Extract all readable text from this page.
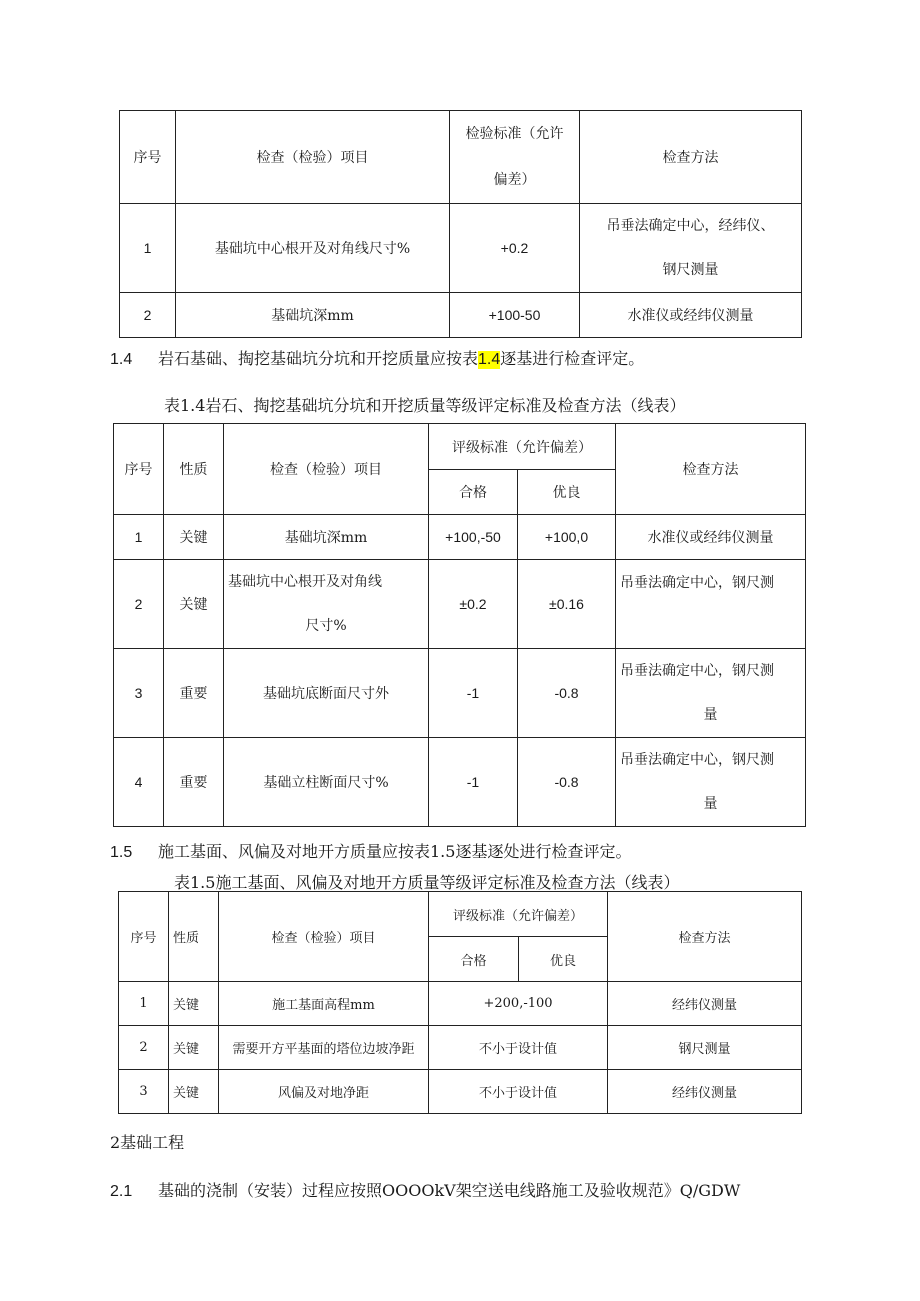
序号	检查（检验）项目	检验标准（允许
偏差）	检查方法
1	基础坑中心根开及对角线尺寸%	+0.2	吊垂法确定中心，经纬仪、
钢尺测量

2	基础坑深mm	+100-50	水准仪或经纬仪测量
1.4 岩石基础、掏挖基础坑分坑和开挖质量应按表1.4逐基进行检查评定。
表1.4岩石、掏挖基础坑分坑和开挖质量等级评定标准及检查方法（线表）
序号	性质	检查（检验）项目	评级标准（允许偏差）		检查方法
			合格	优良	
1	关键	基础坑深mm	+100,-50	+100,0	水准仪或经纬仪测量
2	关键	基础坑中心根开及对角线
尺寸%	±0.2	±0.16	吊垂法确定中心，钢尺测

3	重要	基础坑底断面尺寸外	-1	-0.8	吊垂法确定中心，钢尺测
量

4	重要	基础立柱断面尺寸%	-1	-0.8	吊垂法确定中心，钢尺测
量
1.5 施工基面、风偏及对地开方质量应按表1.5逐基逐处进行检查评定。
表1.5施工基面、风偏及对地开方质量等级评定标准及检查方法（线表）
序号	性质	检查（检验）项目	评级标准（允许偏差）		检查方法
			合格	优良	
1	关键	施工基面高程mm	+200,-100		经纬仪测量
2	关键	需要开方平基面的塔位边坡净距	不小于设计值		钢尺测量
3	关键	风偏及对地净距	不小于设计值		经纬仪测量
2基础工程
2.1 基础的浇制（安装）过程应按照OOOOkV架空送电线路施工及验收规范》Q/GDW
